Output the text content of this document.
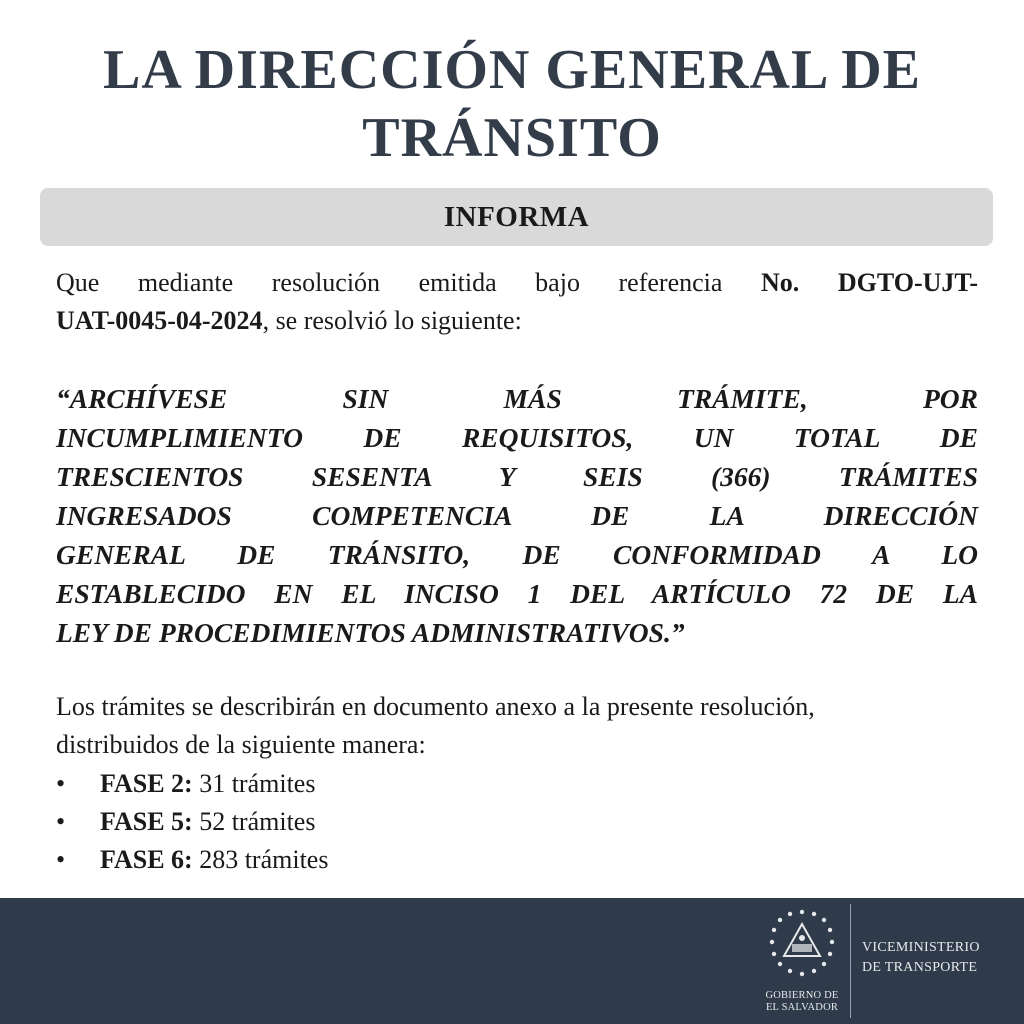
LA DIRECCIÓN GENERAL DE
TRÁNSITO
INFORMA
Que mediante resolución emitida bajo referencia No. DGTO-UJT-
UAT-0045-04-2024, se resolvió lo siguiente:
“ARCHÍVESE SIN MÁS TRÁMITE, POR
INCUMPLIMIENTO DE REQUISITOS, UN TOTAL DE
TRESCIENTOS SESENTA Y SEIS (366) TRÁMITES
INGRESADOS COMPETENCIA DE LA DIRECCIÓN
GENERAL DE TRÁNSITO, DE CONFORMIDAD A LO
ESTABLECIDO EN EL INCISO 1 DEL ARTÍCULO 72 DE LA
LEY DE PROCEDIMIENTOS ADMINISTRATIVOS.”
Los trámites se describirán en documento anexo a la presente resolución,
distribuidos de la siguiente manera:
• FASE 2: 31 trámites
• FASE 5: 52 trámites
• FASE 6: 283 trámites
GOBIERNO DE
EL SALVADOR
VICEMINISTERIO
DE TRANSPORTE
